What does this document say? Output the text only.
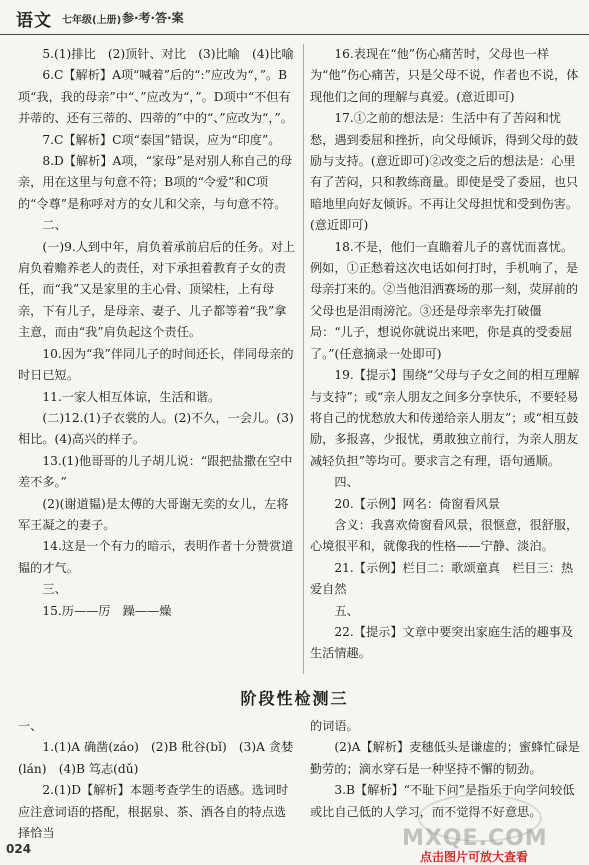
语文 七年级(上册) 参·考·答·案

5.(1)排比　(2)顶针、对比　(3)比喻　(4)比喻

6.C【解析】A项“喊着”后的“:”应改为“，”。B项“我，我的母亲”中“、”应改为“，”。D项中“不但有并蒂的、还有三蒂的、四蒂的”中的“、”应改为“，”。

7.C【解析】C项“泰国”错误，应为“印度”。

8.D【解析】A项，“家母”是对别人称自己的母亲，用在这里与句意不符；B项的“令爱”和C项的“令尊”是称呼对方的女儿和父亲，与句意不符。

二、

(一)9.人到中年，肩负着承前启后的任务。对上肩负着赡养老人的责任，对下承担着教育子女的责任，而“我”又是家里的主心骨、顶梁柱，上有母亲，下有儿子，是母亲、妻子、儿子都等着“我”拿主意，而由“我”肩负起这个责任。

10.因为“我”伴同儿子的时间还长，伴同母亲的时日已短。

11.一家人相互体谅，生活和谐。

(二)12.(1)子衣裳的人。(2)不久，一会儿。(3)相比。(4)高兴的样子。

13.(1)他哥哥的儿子胡儿说：“跟把盐撒在空中差不多。”

(2)(谢道韫)是太傅的大哥谢无奕的女儿，左将军王凝之的妻子。

14.这是一个有力的暗示，表明作者十分赞赏道韫的才气。

三、

15.历——厉　躁——燥

16.表现在“他”伤心痛苦时，父母也一样为“他”伤心痛苦，只是父母不说，作者也不说，体现他们之间的理解与真爱。(意近即可)

17.①之前的想法是：生活中有了苦闷和忧愁，遇到委屈和挫折，向父母倾诉，得到父母的鼓励与支持。(意近即可)②改变之后的想法是：心里有了苦闷，只和教练商量。即使是受了委屈，也只暗地里向好友倾诉。不再让父母担忧和受到伤害。(意近即可)

18.不是，他们一直瞻着儿子的喜忧而喜忧。例如，①正愁着这次电话如何打时，手机响了，是母亲打来的。②当他泪洒赛场的那一刻，荧屏前的父母也是泪雨滂沱。③还是母亲率先打破僵局：“儿子，想说你就说出来吧，你是真的受委屈了。”(任意摘录一处即可)

19.【提示】围绕“父母与子女之间的相互理解与支持”；或“亲人朋友之间多分享快乐，不要轻易将自己的忧愁放大和传递给亲人朋友”；或“相互鼓励，多报喜，少报忧，勇敢独立前行，为亲人朋友减轻负担”等均可。要求言之有理，语句通顺。

四、

20.【示例】网名：倚窗看风景

含义：我喜欢倚窗看风景，很惬意，很舒服，心境很平和，就像我的性格——宁静、淡泊。

21.【示例】栏目二：歌颂童真　栏目三：热爱自然

五、

22.【提示】文章中要突出家庭生活的趣事及生活情趣。

阶段性检测三

一、

1.(1)A 确凿(záo)　(2)B 秕谷(bǐ)　(3)A 贪婪(lán)　(4)B 笃志(dǔ)

2.(1)D【解析】本题考查学生的语感。选词时应注意词语的搭配，根据泉、茶、酒各自的特点选择恰当

的词语。

(2)A【解析】麦穗低头是谦虚的；蜜蜂忙碌是勤劳的；滴水穿石是一种坚持不懈的韧劲。

3.B【解析】“不耻下问”是指乐于向学问较低或比自己低的人学习，而不觉得不好意思。

MXQE.COM
024
点击图片可放大查看
